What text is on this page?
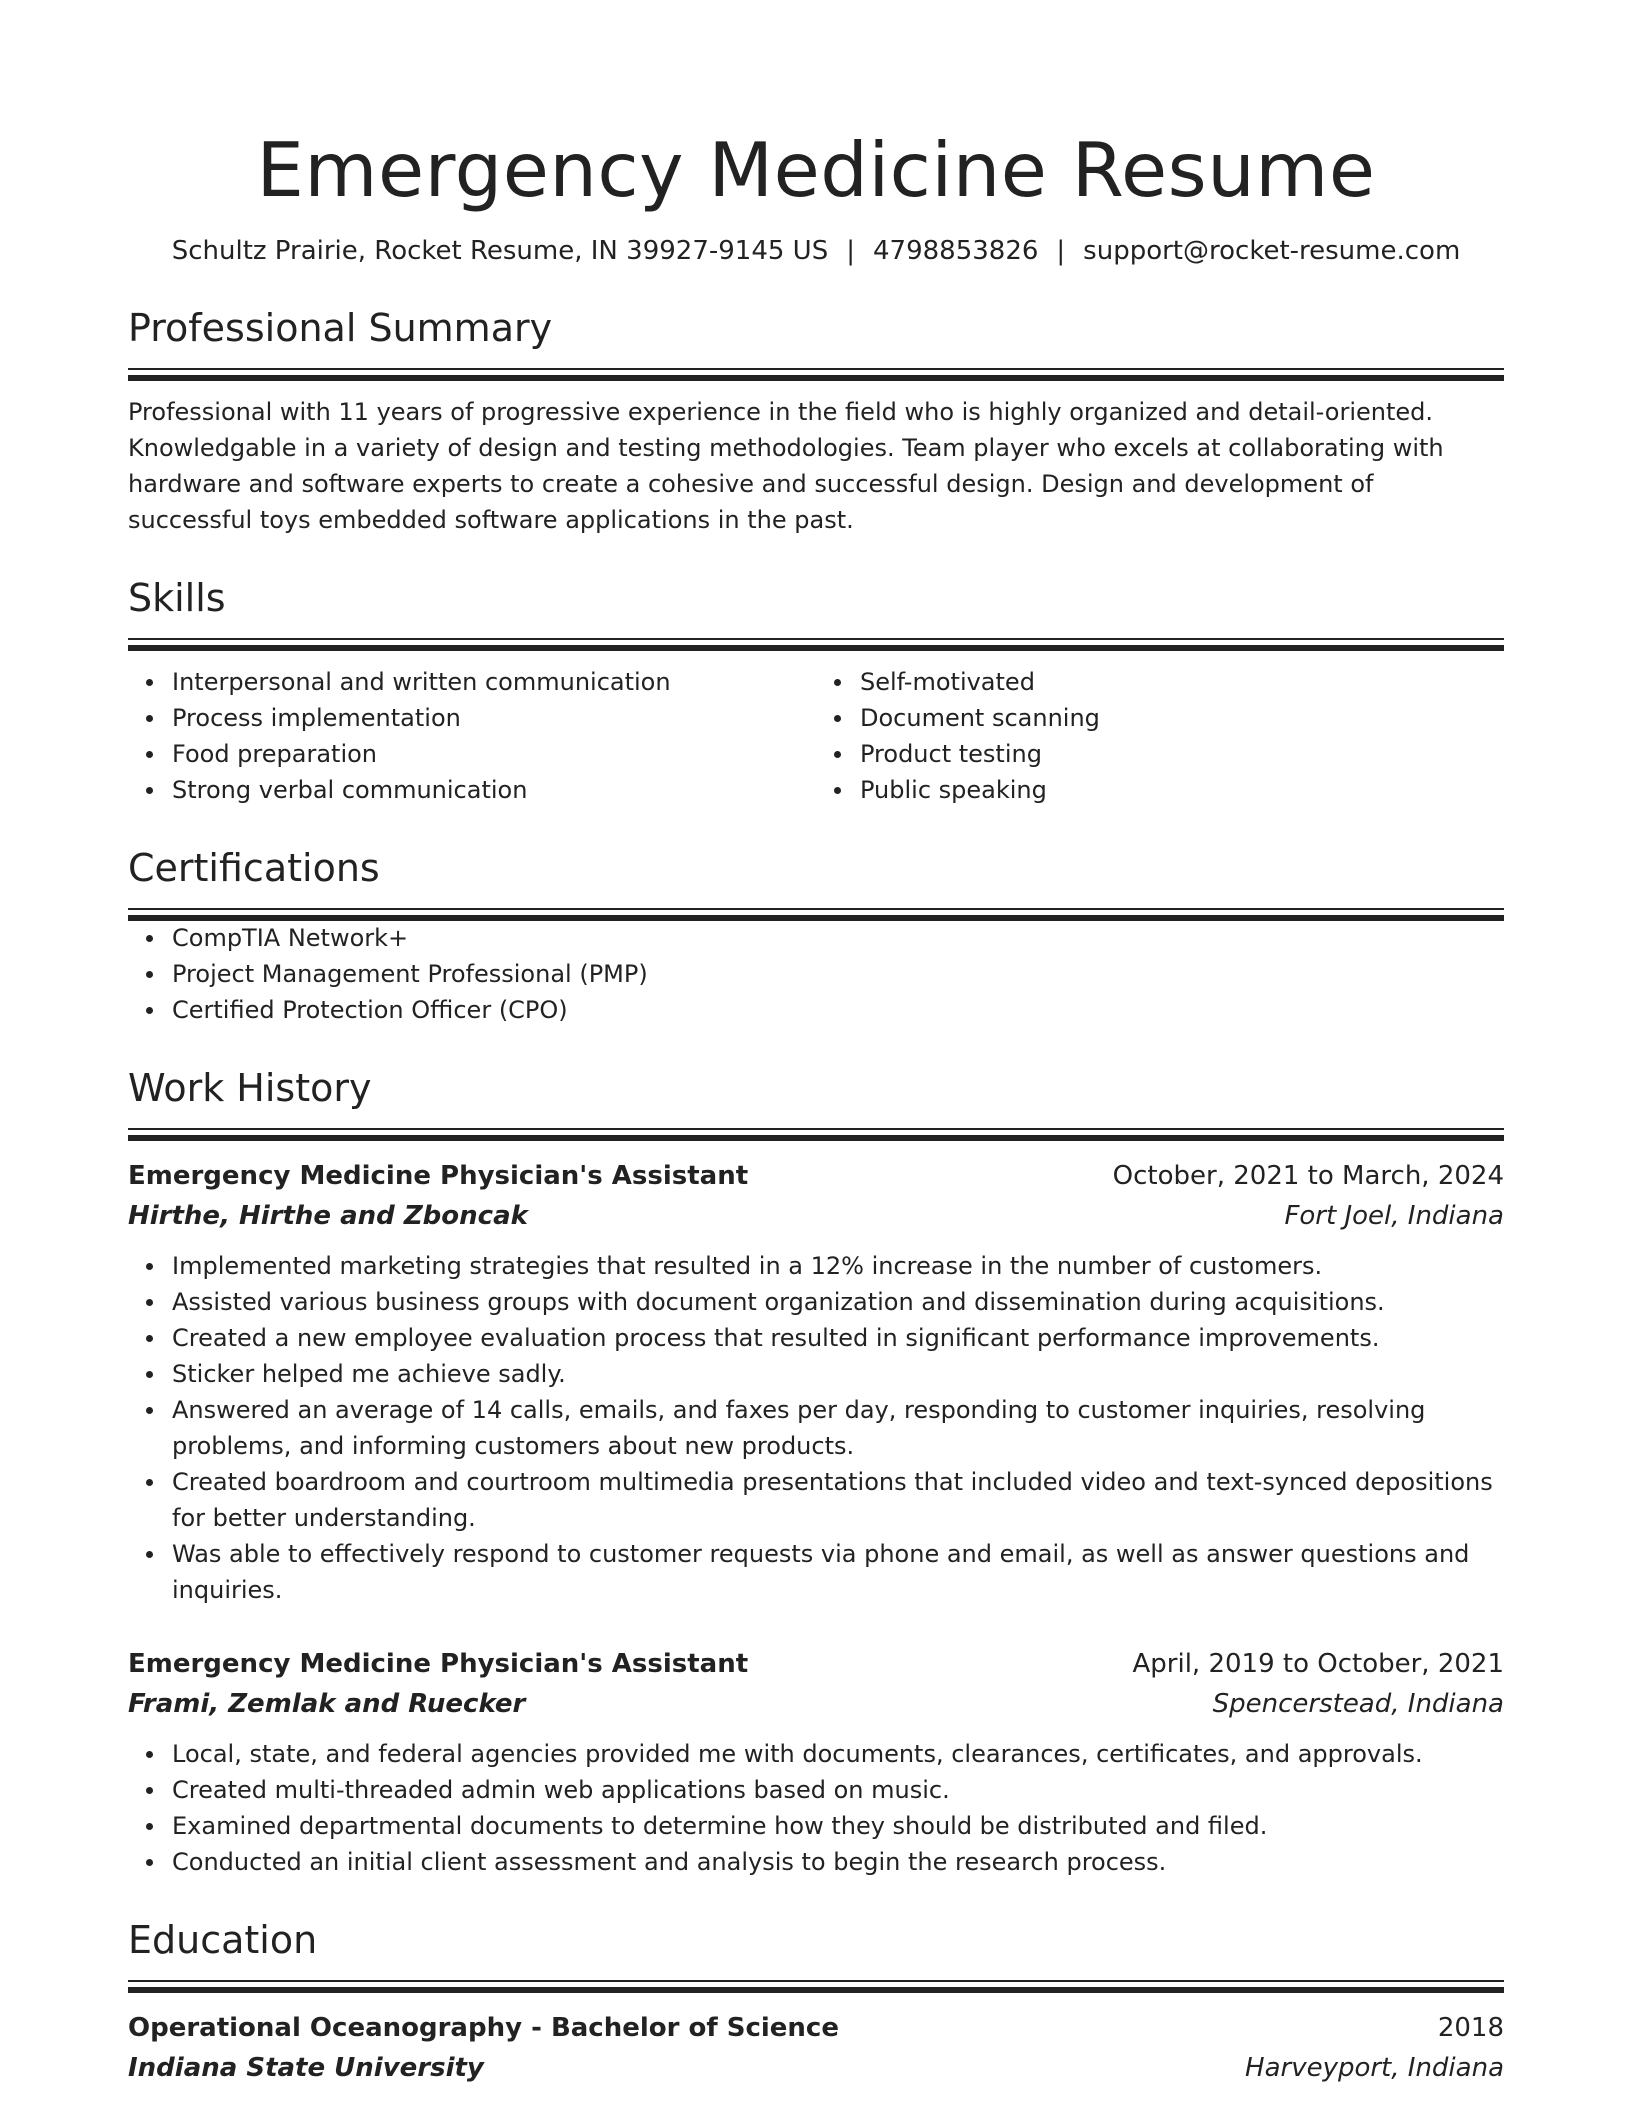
Emergency Medicine Resume
Schultz Prairie, Rocket Resume, IN 39927-9145 US | 4798853826 | support@rocket-resume.com
Professional Summary
Professional with 11 years of progressive experience in the field who is highly organized and detail-oriented. Knowledgable in a variety of design and testing methodologies. Team player who excels at collaborating with hardware and software experts to create a cohesive and successful design. Design and development of successful toys embedded software applications in the past.
Skills
Interpersonal and written communication
Process implementation
Food preparation
Strong verbal communication
Self-motivated
Document scanning
Product testing
Public speaking
Certifications
CompTIA Network+
Project Management Professional (PMP)
Certified Protection Officer (CPO)
Work History
Emergency Medicine Physician's Assistant	October, 2021 to March, 2024
Hirthe, Hirthe and Zboncak	Fort Joel, Indiana
Implemented marketing strategies that resulted in a 12% increase in the number of customers.
Assisted various business groups with document organization and dissemination during acquisitions.
Created a new employee evaluation process that resulted in significant performance improvements.
Sticker helped me achieve sadly.
Answered an average of 14 calls, emails, and faxes per day, responding to customer inquiries, resolving problems, and informing customers about new products.
Created boardroom and courtroom multimedia presentations that included video and text-synced depositions for better understanding.
Was able to effectively respond to customer requests via phone and email, as well as answer questions and inquiries.
Emergency Medicine Physician's Assistant	April, 2019 to October, 2021
Frami, Zemlak and Ruecker	Spencerstead, Indiana
Local, state, and federal agencies provided me with documents, clearances, certificates, and approvals.
Created multi-threaded admin web applications based on music.
Examined departmental documents to determine how they should be distributed and filed.
Conducted an initial client assessment and analysis to begin the research process.
Education
Operational Oceanography - Bachelor of Science	2018
Indiana State University	Harveyport, Indiana
